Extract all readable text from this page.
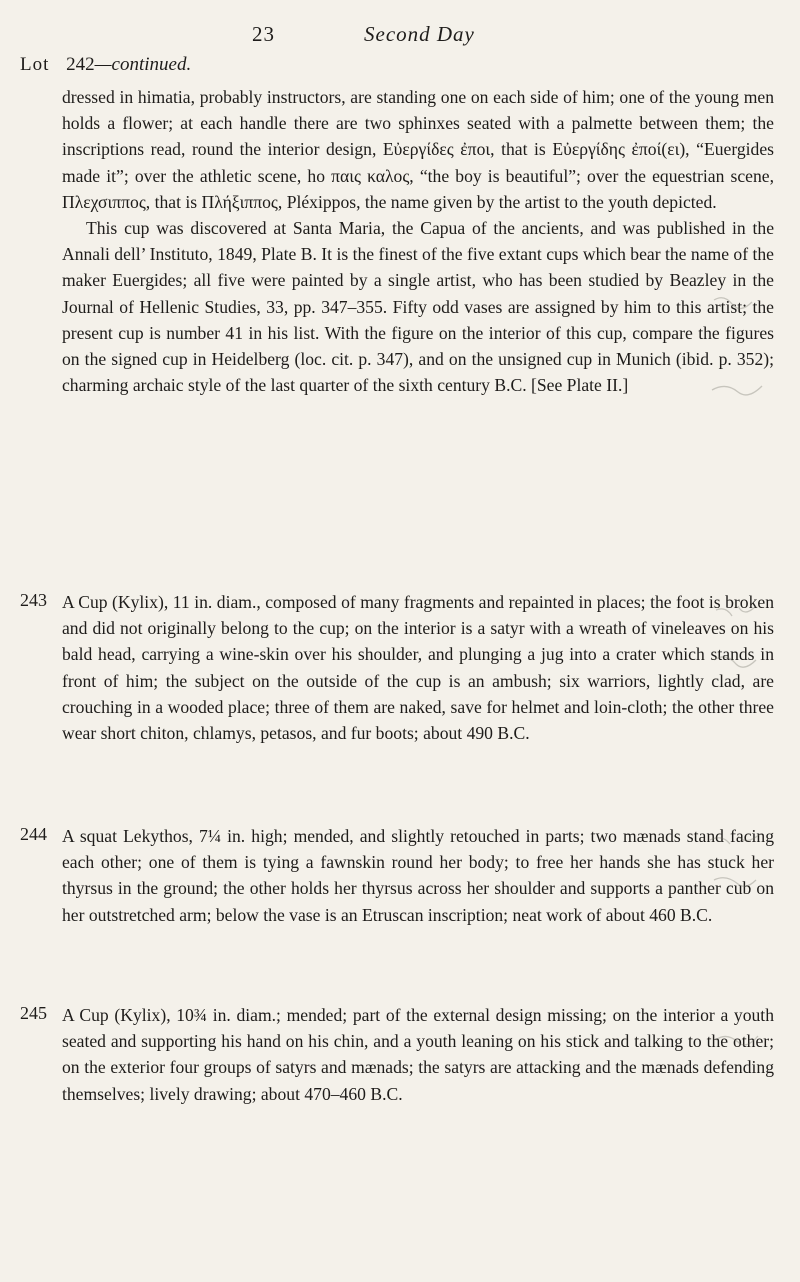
23	Second Day
Lot 242—continued.

dressed in himatia, probably instructors, are standing one on each side of him; one of the young men holds a flower; at each handle there are two sphinxes seated with a palmette between them; the inscriptions read, round the interior design, Εὐεργίδες ἐποι, that is Εὐεργίδης ἐποί(ει), “Euergides made it”; over the athletic scene, ho παις καλος, “the boy is beautiful”; over the equestrian scene, Πλεχσιππος, that is Πλήξιππος, Pléxippos, the name given by the artist to the youth depicted.

This cup was discovered at Santa Maria, the Capua of the ancients, and was published in the Annali dell’ Instituto, 1849, Plate B. It is the finest of the five extant cups which bear the name of the maker Euergides; all five were painted by a single artist, who has been studied by Beazley in the Journal of Hellenic Studies, 33, pp. 347–355. Fifty odd vases are assigned by him to this artist; the present cup is number 41 in his list. With the figure on the interior of this cup, compare the figures on the signed cup in Heidelberg (loc. cit. p. 347), and on the unsigned cup in Munich (ibid. p. 352); charming archaic style of the last quarter of the sixth century B.C. [See Plate II.]

243 A Cup (Kylix), 11 in. diam., composed of many fragments and repainted in places; the foot is broken and did not originally belong to the cup; on the interior is a satyr with a wreath of vineleaves on his bald head, carrying a wine-skin over his shoulder, and plunging a jug into a crater which stands in front of him; the subject on the outside of the cup is an ambush; six warriors, lightly clad, are crouching in a wooded place; three of them are naked, save for helmet and loin-cloth; the other three wear short chiton, chlamys, petasos, and fur boots; about 490 B.C.

244 A squat Lekythos, 7¼ in. high; mended, and slightly retouched in parts; two mænads stand facing each other; one of them is tying a fawnskin round her body; to free her hands she has stuck her thyrsus in the ground; the other holds her thyrsus across her shoulder and supports a panther cub on her outstretched arm; below the vase is an Etruscan inscription; neat work of about 460 B.C.

245 A Cup (Kylix), 10¾ in. diam.; mended; part of the external design missing; on the interior a youth seated and supporting his hand on his chin, and a youth leaning on his stick and talking to the other; on the exterior four groups of satyrs and mænads; the satyrs are attacking and the mænads defending themselves; lively drawing; about 470–460 B.C.
